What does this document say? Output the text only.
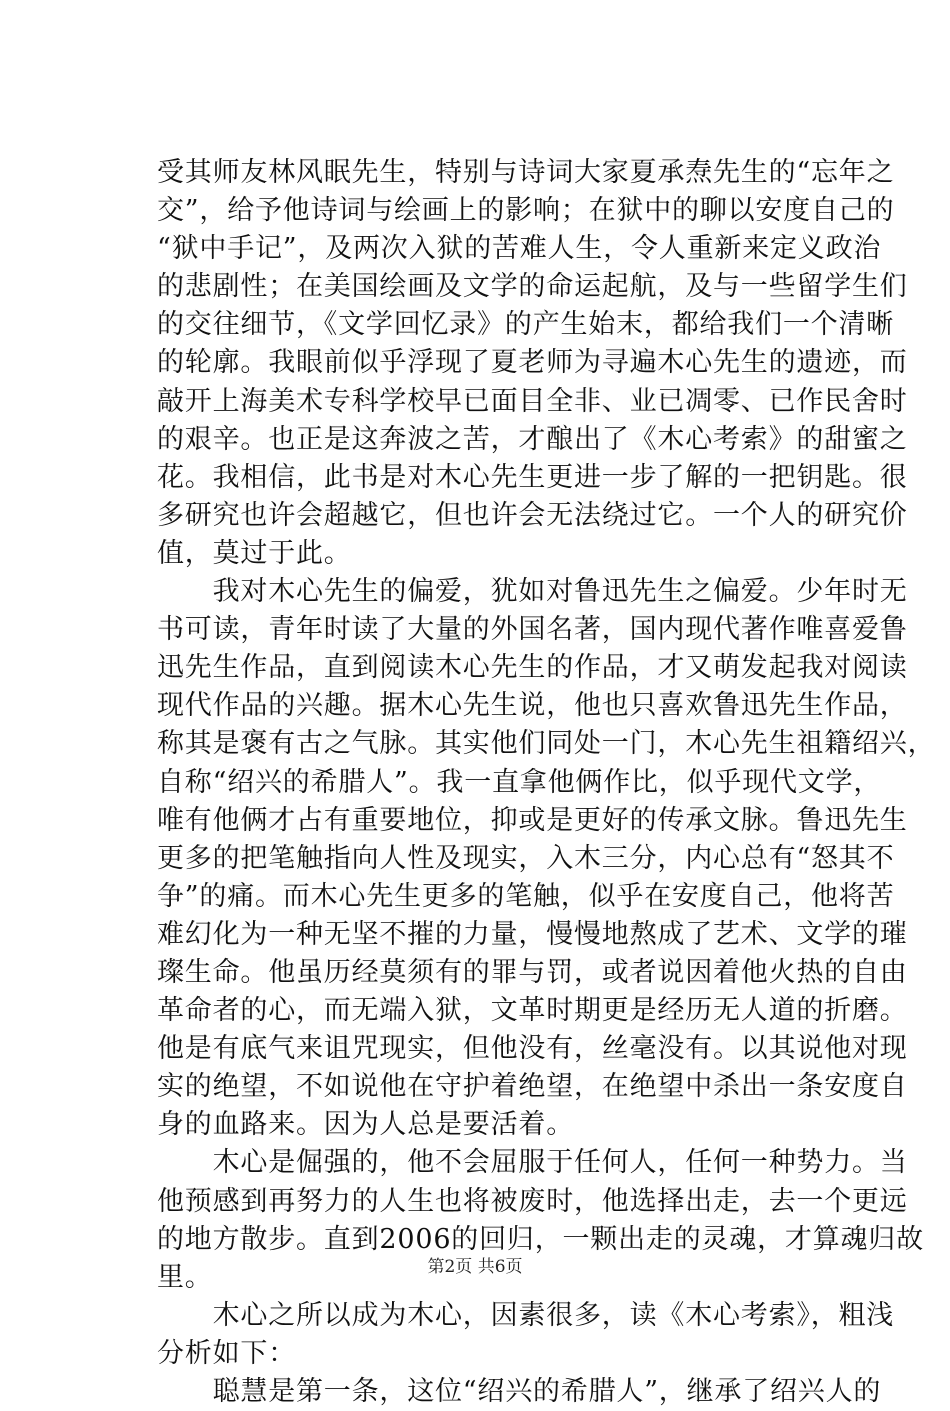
受其师友林风眠先生，特别与诗词大家夏承焘先生的“忘年之
交”，给予他诗词与绘画上的影响；在狱中的聊以安度自己的
“狱中手记”，及两次入狱的苦难人生，令人重新来定义政治
的悲剧性；在美国绘画及文学的命运起航，及与一些留学生们
的交往细节，《文学回忆录》的产生始末，都给我们一个清晰
的轮廓。我眼前似乎浮现了夏老师为寻遍木心先生的遗迹，而
敲开上海美术专科学校早已面目全非、业已凋零、已作民舍时
的艰辛。也正是这奔波之苦，才酿出了《木心考索》的甜蜜之
花。我相信，此书是对木心先生更进一步了解的一把钥匙。很
多研究也许会超越它，但也许会无法绕过它。一个人的研究价
值，莫过于此。
　　我对木心先生的偏爱，犹如对鲁迅先生之偏爱。少年时无
书可读，青年时读了大量的外国名著，国内现代著作唯喜爱鲁
迅先生作品，直到阅读木心先生的作品，才又萌发起我对阅读
现代作品的兴趣。据木心先生说，他也只喜欢鲁迅先生作品，
称其是褒有古之气脉。其实他们同处一门，木心先生祖籍绍兴，
自称“绍兴的希腊人”。我一直拿他俩作比，似乎现代文学，
唯有他俩才占有重要地位，抑或是更好的传承文脉。鲁迅先生
更多的把笔触指向人性及现实，入木三分，内心总有“怒其不
争”的痛。而木心先生更多的笔触，似乎在安度自己，他将苦
难幻化为一种无坚不摧的力量，慢慢地熬成了艺术、文学的璀
璨生命。他虽历经莫须有的罪与罚，或者说因着他火热的自由
革命者的心，而无端入狱，文革时期更是经历无人道的折磨。
他是有底气来诅咒现实，但他没有，丝毫没有。以其说他对现
实的绝望，不如说他在守护着绝望，在绝望中杀出一条安度自
身的血路来。因为人总是要活着。
　　木心是倔强的，他不会屈服于任何人，任何一种势力。当
他预感到再努力的人生也将被废时，他选择出走，去一个更远
的地方散步。直到2006的回归，一颗出走的灵魂，才算魂归故
里。
　　木心之所以成为木心，因素很多，读《木心考索》，粗浅
分析如下：
　　聪慧是第一条，这位“绍兴的希腊人”，继承了绍兴人的
第2页 共6页
